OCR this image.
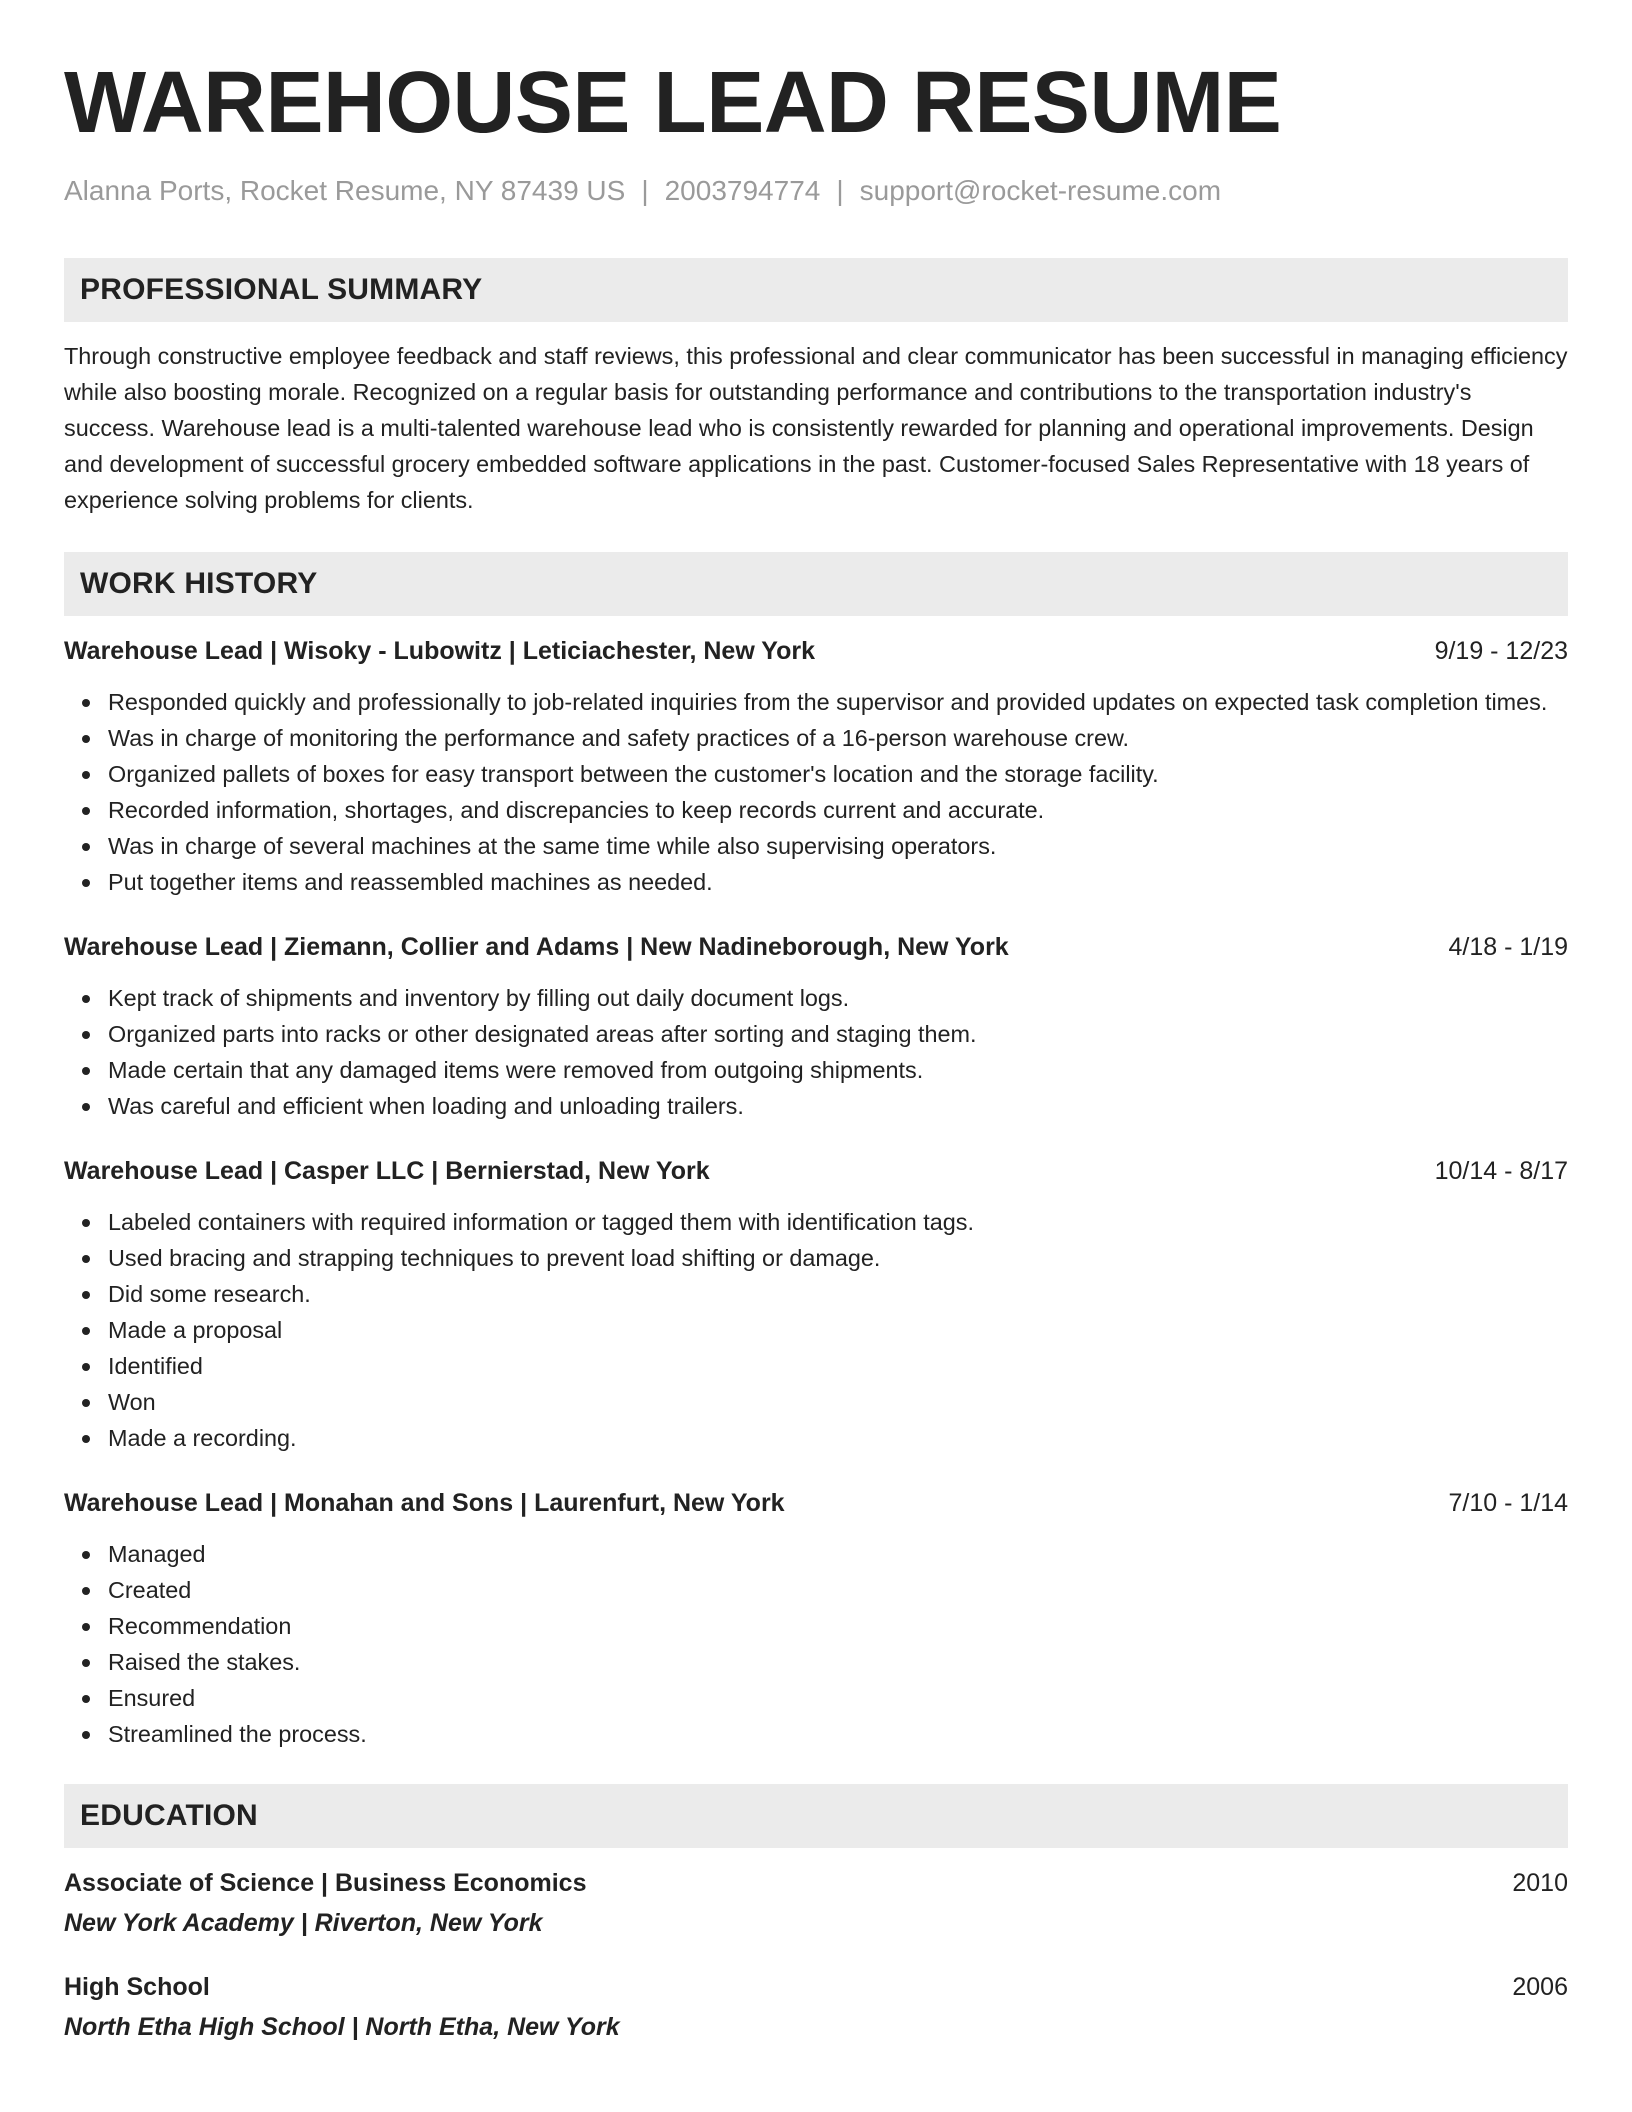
WAREHOUSE LEAD RESUME
Alanna Ports, Rocket Resume, NY 87439 US | 2003794774 | support@rocket-resume.com
PROFESSIONAL SUMMARY

Through constructive employee feedback and staff reviews, this professional and clear communicator has been successful in managing efficiency while also boosting morale. Recognized on a regular basis for outstanding performance and contributions to the transportation industry's success. Warehouse lead is a multi-talented warehouse lead who is consistently rewarded for planning and operational improvements. Design and development of successful grocery embedded software applications in the past. Customer-focused Sales Representative with 18 years of experience solving problems for clients.

WORK HISTORY
Warehouse Lead | Wisoky - Lubowitz | Leticiachester, New York	9/19 - 12/23
Responded quickly and professionally to job-related inquiries from the supervisor and provided updates on expected task completion times.
Was in charge of monitoring the performance and safety practices of a 16-person warehouse crew.
Organized pallets of boxes for easy transport between the customer's location and the storage facility.
Recorded information, shortages, and discrepancies to keep records current and accurate.
Was in charge of several machines at the same time while also supervising operators.
Put together items and reassembled machines as needed.
Warehouse Lead | Ziemann, Collier and Adams | New Nadineborough, New York	4/18 - 1/19
Kept track of shipments and inventory by filling out daily document logs.
Organized parts into racks or other designated areas after sorting and staging them.
Made certain that any damaged items were removed from outgoing shipments.
Was careful and efficient when loading and unloading trailers.
Warehouse Lead | Casper LLC | Bernierstad, New York	10/14 - 8/17
Labeled containers with required information or tagged them with identification tags.
Used bracing and strapping techniques to prevent load shifting or damage.
Did some research.
Made a proposal
Identified
Won
Made a recording.
Warehouse Lead | Monahan and Sons | Laurenfurt, New York	7/10 - 1/14
Managed
Created
Recommendation
Raised the stakes.
Ensured
Streamlined the process.
EDUCATION
Associate of Science | Business Economics	2010
New York Academy | Riverton, New York
High School	2006
North Etha High School | North Etha, New York
